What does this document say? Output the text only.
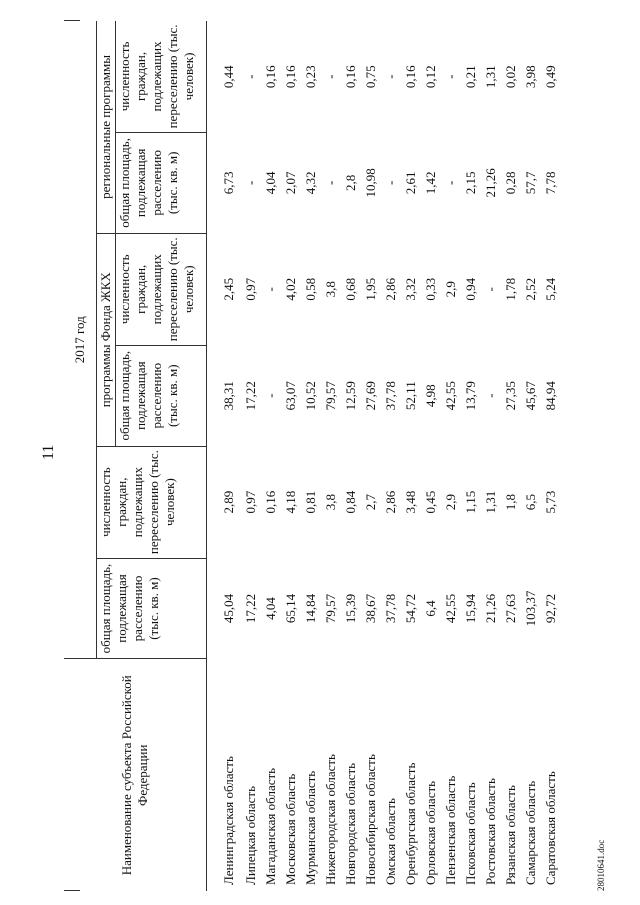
11
28010641.doc
Наименование субъекта Российской Федерации	2017 год					
	общая площадь, подлежащая расселению (тыс. кв. м)	численность граждан, подлежащих переселению (тыс. человек)	программы Фонда ЖКХ		региональные программы	
			общая площадь, подлежащая расселению (тыс. кв. м)	численность граждан, подлежащих переселению (тыс. человек)	общая площадь, подлежащая расселению (тыс. кв. м)	численность граждан, подлежащих переселению (тыс. человек)
Ленинградская область	45,04	2,89	38,31	2,45	6,73	0,44
Липецкая область	17,22	0,97	17,22	0,97	-	-
Магаданская область	4,04	0,16	-	-	4,04	0,16
Московская область	65,14	4,18	63,07	4,02	2,07	0,16
Мурманская область	14,84	0,81	10,52	0,58	4,32	0,23
Нижегородская область	79,57	3,8	79,57	3,8	-	-
Новгородская область	15,39	0,84	12,59	0,68	2,8	0,16
Новосибирская область	38,67	2,7	27,69	1,95	10,98	0,75
Омская область	37,78	2,86	37,78	2,86	-	-
Оренбургская область	54,72	3,48	52,11	3,32	2,61	0,16
Орловская область	6,4	0,45	4,98	0,33	1,42	0,12
Пензенская область	42,55	2,9	42,55	2,9	-	-
Псковская область	15,94	1,15	13,79	0,94	2,15	0,21
Ростовская область	21,26	1,31	-	-	21,26	1,31
Рязанская область	27,63	1,8	27,35	1,78	0,28	0,02
Самарская область	103,37	6,5	45,67	2,52	57,7	3,98
Саратовская область	92,72	5,73	84,94	5,24	7,78	0,49
